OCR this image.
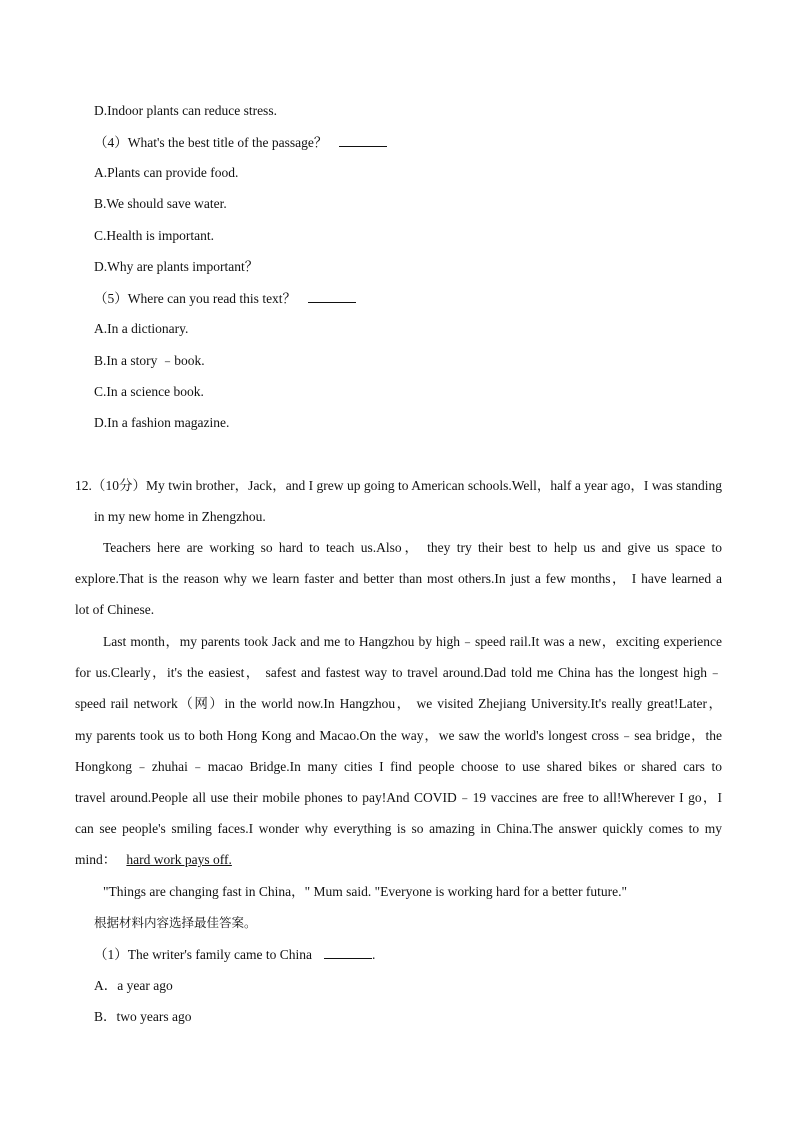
D.Indoor plants can reduce stress.
（4）What's the best title of the passage？
A.Plants can provide food.
B.We should save water.
C.Health is important.
D.Why are plants important？
（5）Where can you read this text？
A.In a dictionary.
B.In a story ﹣book.
C.In a science book.
D.In a fashion magazine.
12.（10分）My twin brother，Jack，and I grew up going to American schools.Well，half a year ago，I was standing
in my new home in Zhengzhou.
Teachers here are working so hard to teach us.Also， they try their best to help us and give us space to
explore.That is the reason why we learn faster and better than most others.In just a few months， I have learned a
lot of Chinese.
Last month，my parents took Jack and me to Hangzhou by high﹣speed rail.It was a new，exciting experience
for us.Clearly，it's the easiest， safest and fastest way to travel around.Dad told me China has the longest high﹣
speed rail network（网）in the world now.In Hangzhou， we visited Zhejiang University.It's really great!Later，
my parents took us to both Hong Kong and Macao.On the way，we saw the world's longest cross﹣sea bridge，the
Hongkong﹣zhuhai﹣macao Bridge.In many cities I find people choose to use shared bikes or shared cars to
travel around.People all use their mobile phones to pay!And COVID﹣19 vaccines are free to all!Wherever I go，I
can see people's smiling faces.I wonder why everything is so amazing in China.The answer quickly comes to my
mind： hard work pays off.
"Things are changing fast in China，" Mum said. "Everyone is working hard for a better future."
根据材料内容选择最佳答案。
（1）The writer's family came to China	.
A．a year ago
B．two years ago
